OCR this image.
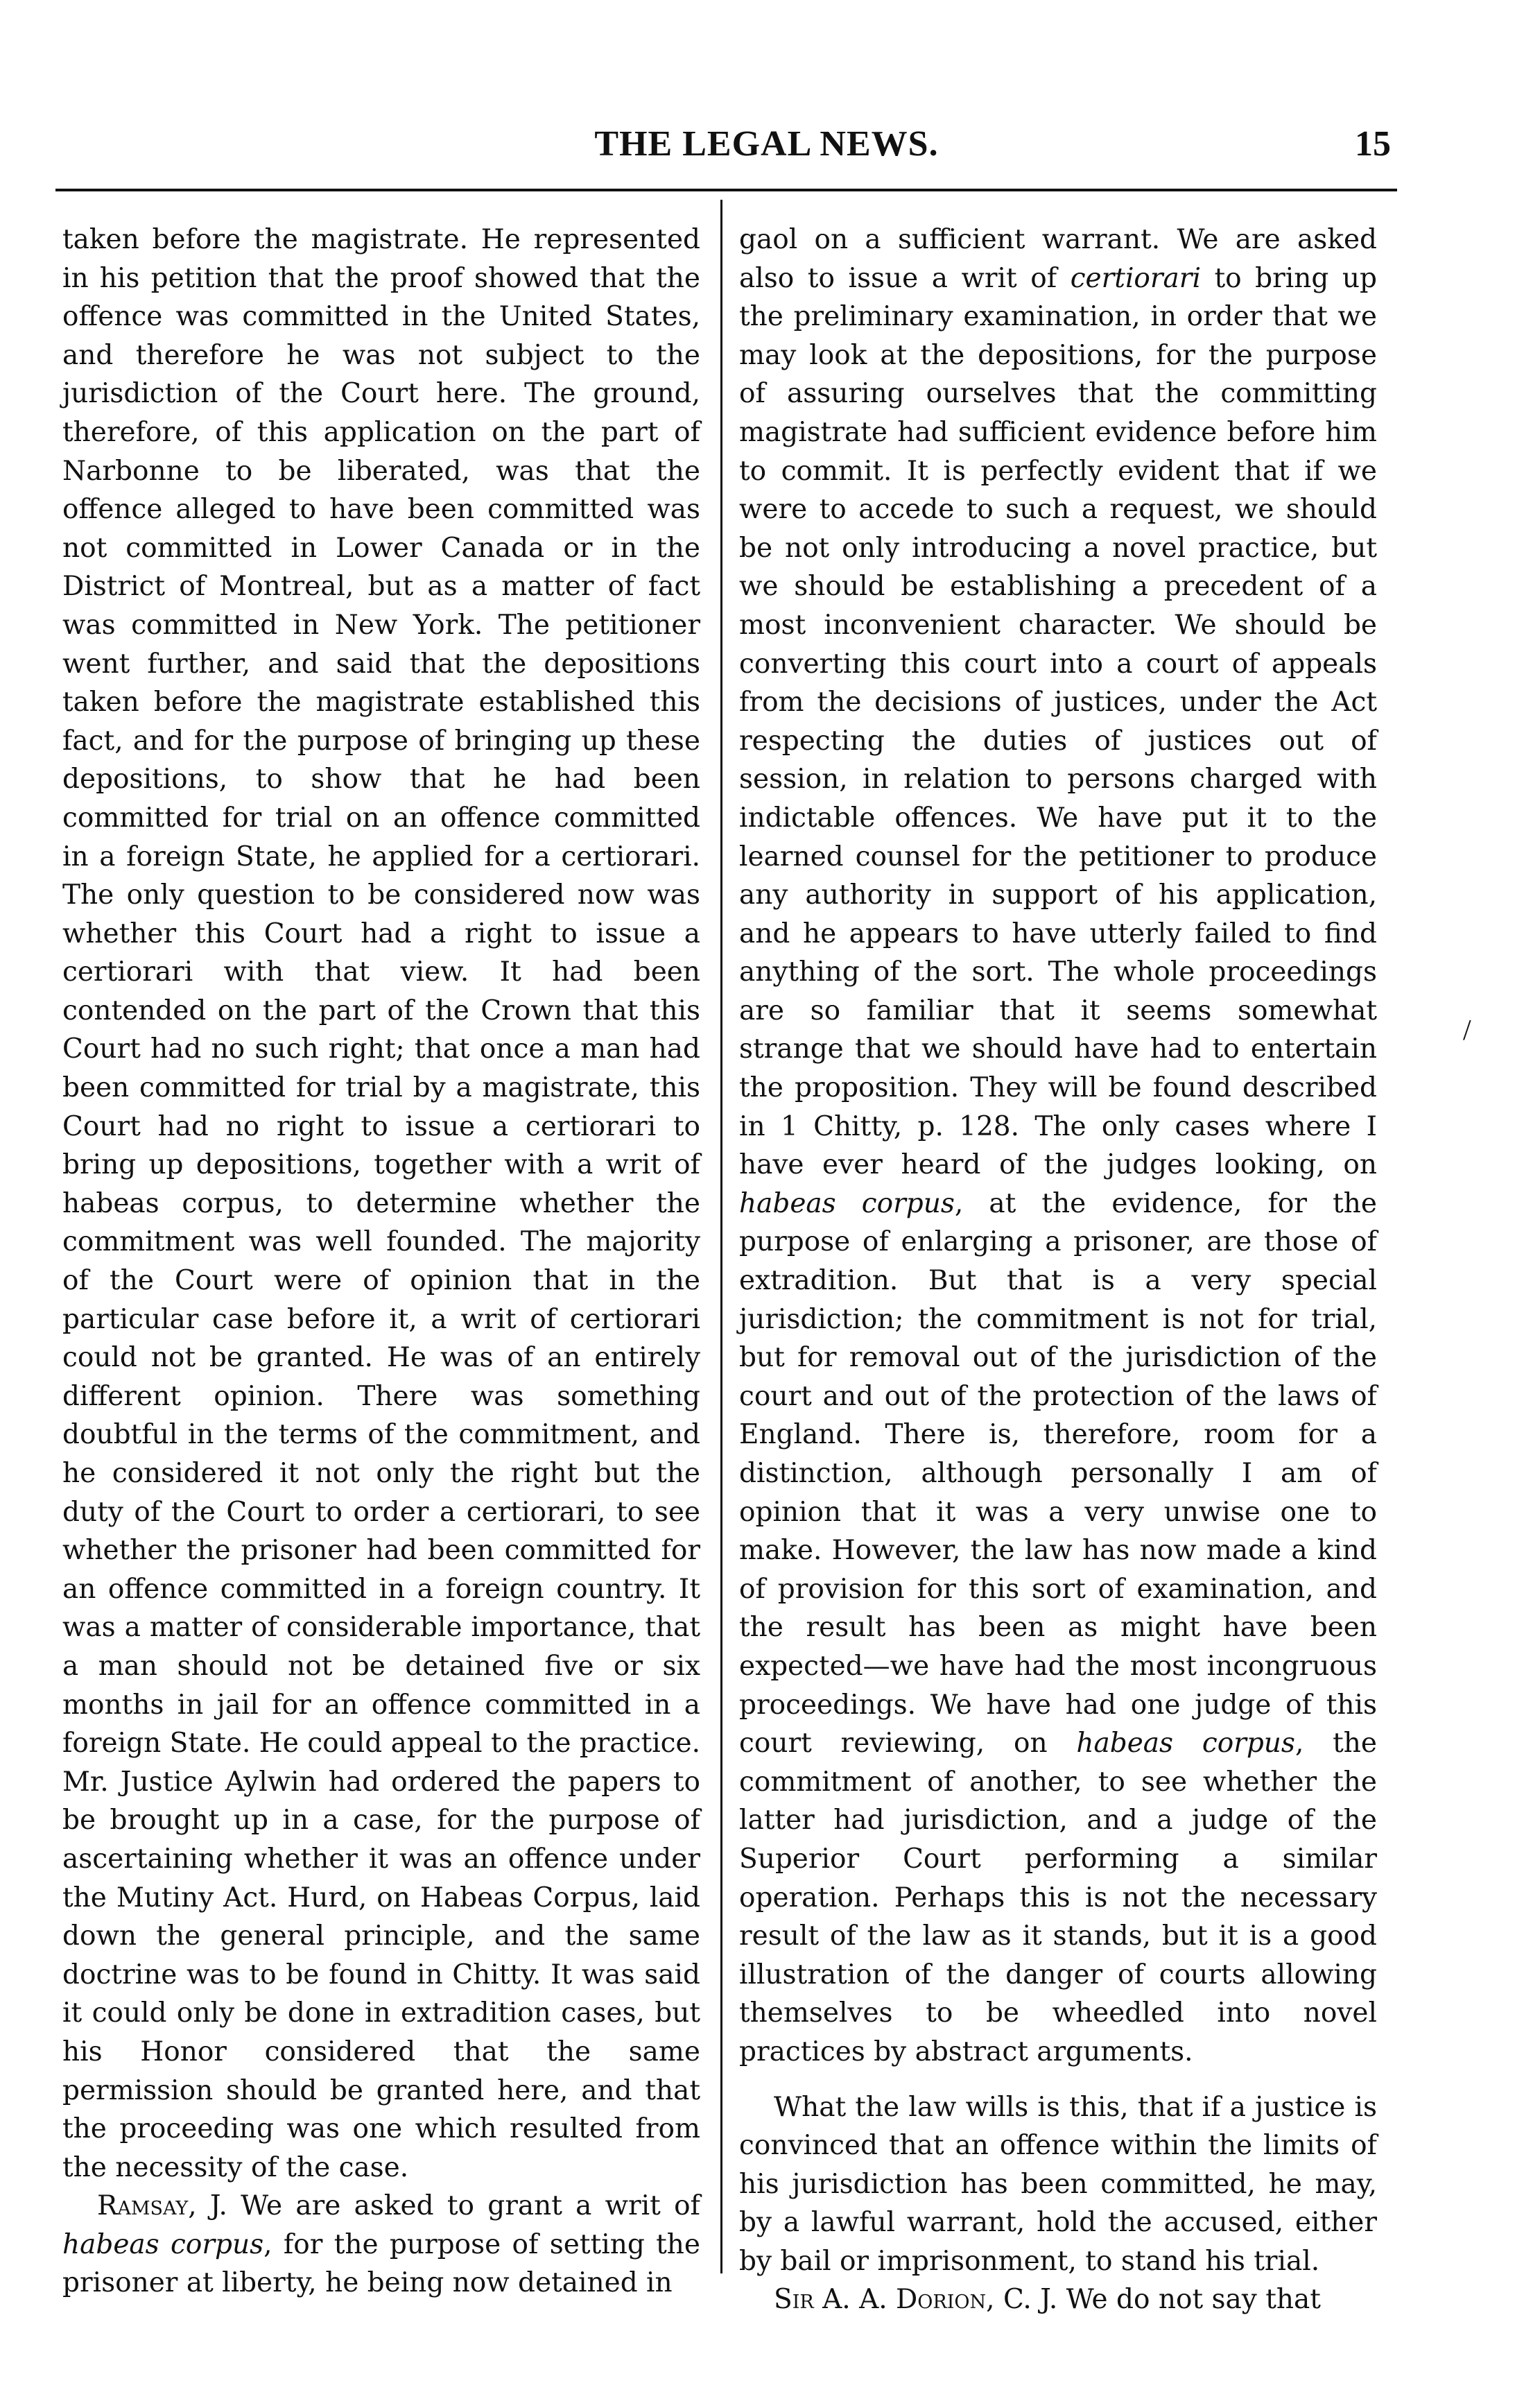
THE LEGAL NEWS.	15

taken before the magistrate. He represented in his petition that the proof showed that the offence was committed in the United States, and therefore he was not subject to the jurisdiction of the Court here. The ground, therefore, of this application on the part of Narbonne to be liberated, was that the offence alleged to have been committed was not committed in Lower Canada or in the District of Montreal, but as a matter of fact was committed in New York. The petitioner went further, and said that the depositions taken before the magistrate established this fact, and for the purpose of bringing up these depositions, to show that he had been committed for trial on an offence committed in a foreign State, he applied for a certiorari. The only question to be considered now was whether this Court had a right to issue a certiorari with that view. It had been contended on the part of the Crown that this Court had no such right; that once a man had been committed for trial by a magistrate, this Court had no right to issue a certiorari to bring up depositions, together with a writ of habeas corpus, to determine whether the commitment was well founded. The majority of the Court were of opinion that in the particular case before it, a writ of certiorari could not be granted. He was of an entirely different opinion. There was something doubtful in the terms of the commitment, and he considered it not only the right but the duty of the Court to order a certiorari, to see whether the prisoner had been committed for an offence committed in a foreign country. It was a matter of considerable importance, that a man should not be detained five or six months in jail for an offence committed in a foreign State. He could appeal to the practice. Mr. Justice Aylwin had ordered the papers to be brought up in a case, for the purpose of ascertaining whether it was an offence under the Mutiny Act. Hurd, on Habeas Corpus, laid down the general principle, and the same doctrine was to be found in Chitty. It was said it could only be done in extradition cases, but his Honor considered that the same permission should be granted here, and that the proceeding was one which resulted from the necessity of the case.

Ramsay, J. We are asked to grant a writ of habeas corpus, for the purpose of setting the prisoner at liberty, he being now detained in

gaol on a sufficient warrant. We are asked also to issue a writ of certiorari to bring up the preliminary examination, in order that we may look at the depositions, for the purpose of assuring ourselves that the committing magistrate had sufficient evidence before him to commit. It is perfectly evident that if we were to accede to such a request, we should be not only introducing a novel practice, but we should be establishing a precedent of a most inconvenient character. We should be converting this court into a court of appeals from the decisions of justices, under the Act respecting the duties of justices out of session, in relation to persons charged with indictable offences. We have put it to the learned counsel for the petitioner to produce any authority in support of his application, and he appears to have utterly failed to find anything of the sort. The whole proceedings are so familiar that it seems somewhat strange that we should have had to entertain the proposition. They will be found described in 1 Chitty, p. 128. The only cases where I have ever heard of the judges looking, on habeas corpus, at the evidence, for the purpose of enlarging a prisoner, are those of extradition. But that is a very special jurisdiction; the commitment is not for trial, but for removal out of the jurisdiction of the court and out of the protection of the laws of England. There is, therefore, room for a distinction, although personally I am of opinion that it was a very unwise one to make. However, the law has now made a kind of provision for this sort of examination, and the result has been as might have been expected—we have had the most incongruous proceedings. We have had one judge of this court reviewing, on habeas corpus, the commitment of another, to see whether the latter had jurisdiction, and a judge of the Superior Court performing a similar operation. Perhaps this is not the necessary result of the law as it stands, but it is a good illustration of the danger of courts allowing themselves to be wheedled into novel practices by abstract arguments.

What the law wills is this, that if a justice is convinced that an offence within the limits of his jurisdiction has been committed, he may, by a lawful warrant, hold the accused, either by bail or imprisonment, to stand his trial.

Sir A. A. Dorion, C. J. We do not say that

/
